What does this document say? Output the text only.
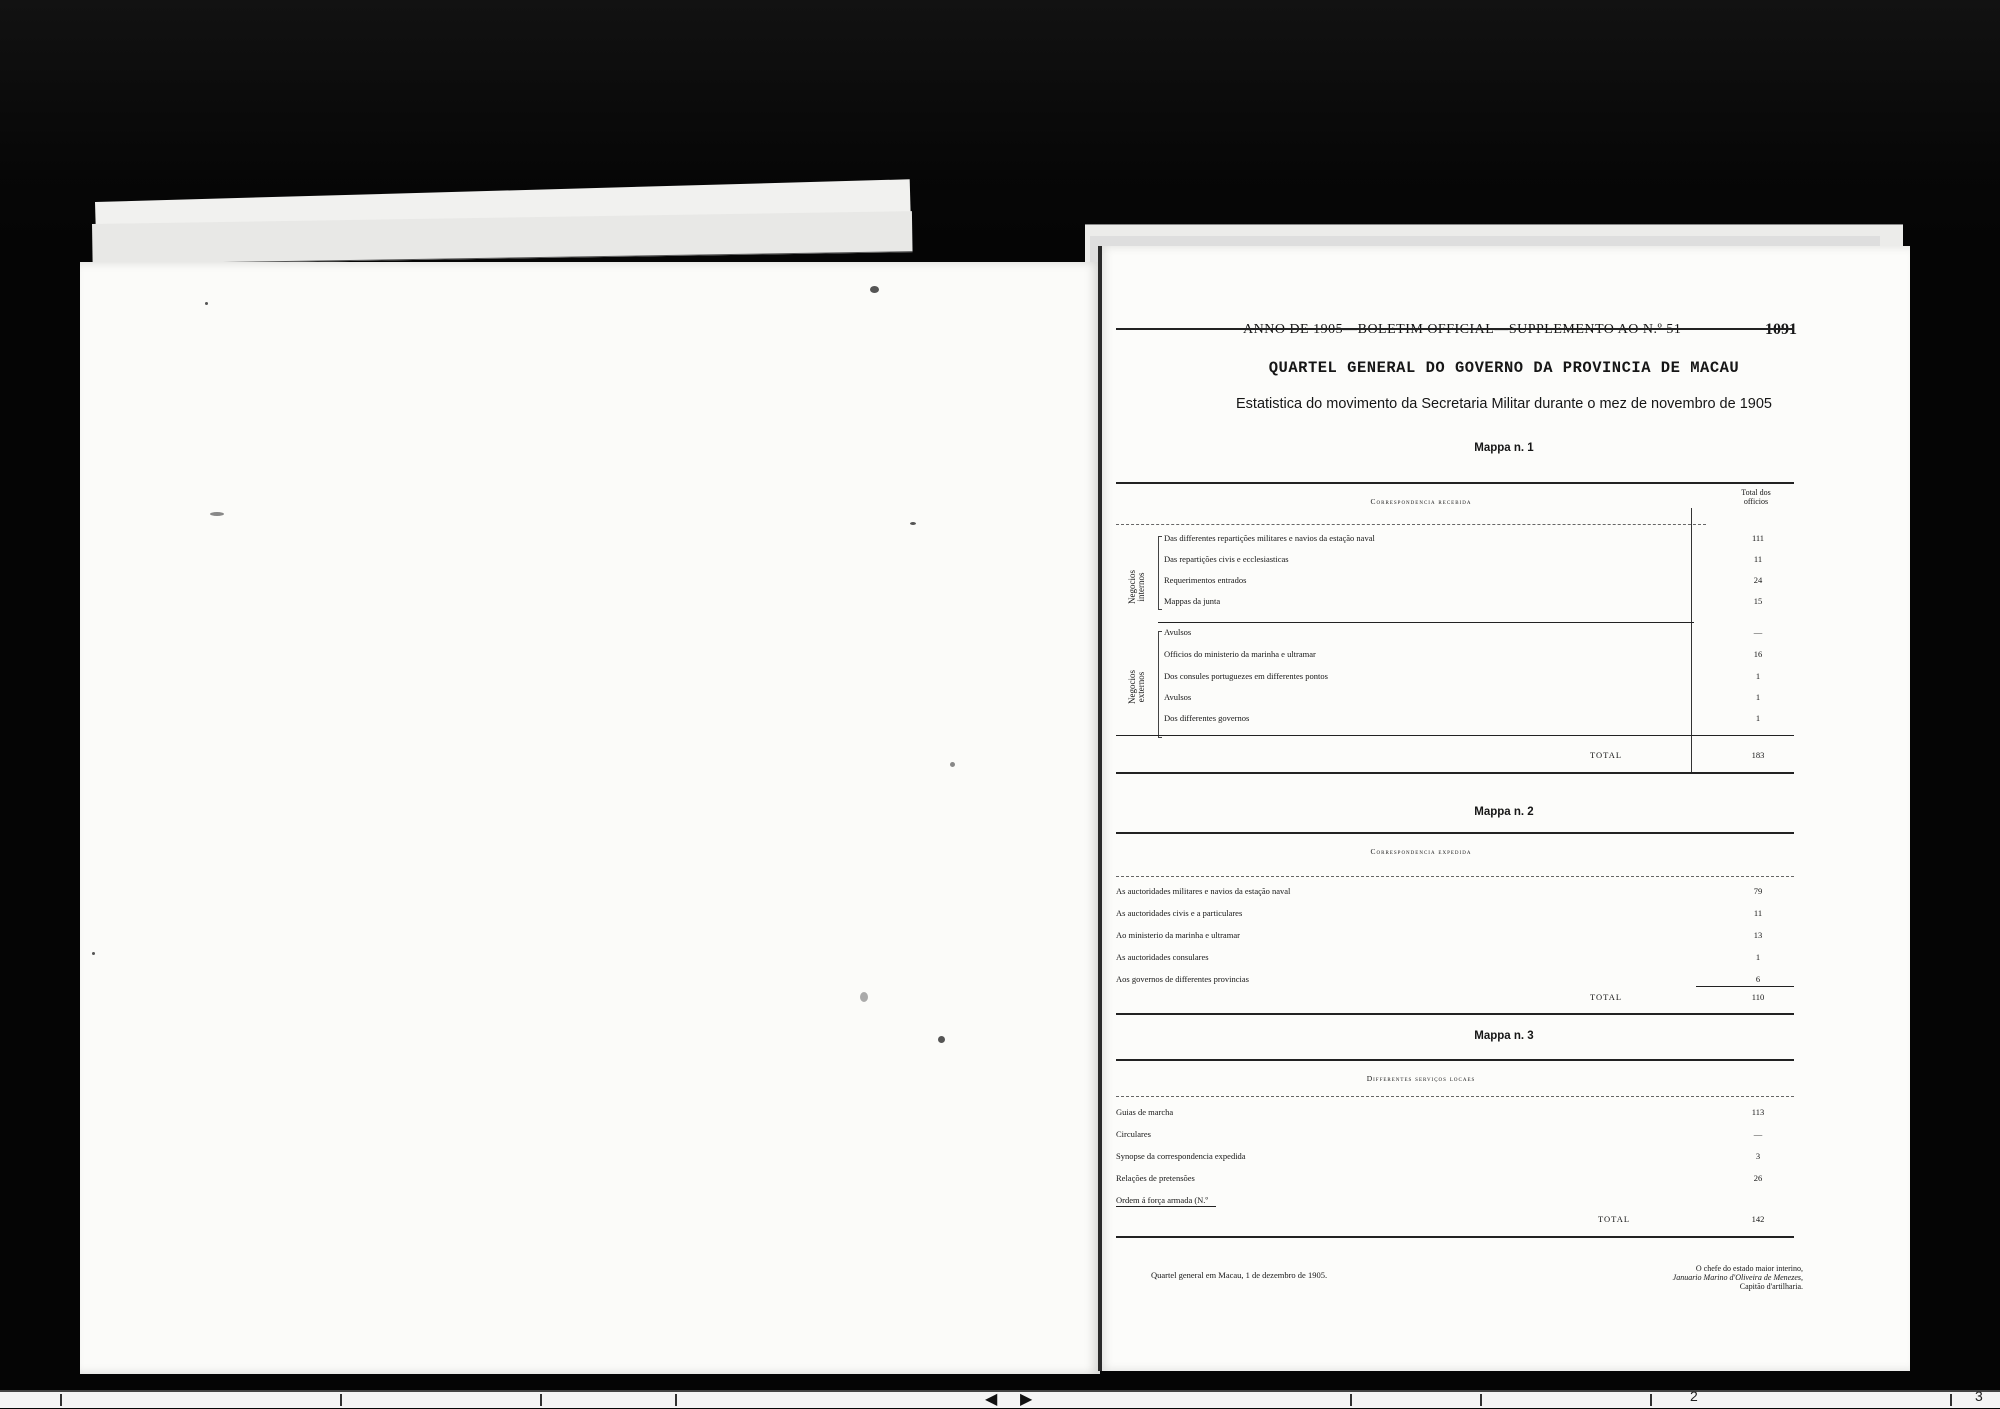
ANNO DE 1905—BOLETIM OFFICIAL—SUPPLEMENTO AO N.º 51	1091
QUARTEL GENERAL DO GOVERNO DA PROVINCIA DE MACAU
Estatistica do movimento da Secretaria Militar durante o mez de novembro de 1905
Mappa n. 1
Correspondencia recebida
Total dos
officios
Negocios internos
Das differentes repartições militares e navios da estação naval	111
Das repartições civis e ecclesiasticas	11
Requerimentos entrados	24
Mappas da junta	15
Negocios externos
Avulsos	—
Officios do ministerio da marinha e ultramar	16
Dos consules portuguezes em differentes pontos	1
Avulsos	1
Dos differentes governos	1
TOTAL	183
Mappa n. 2
Correspondencia expedida
As auctoridades militares e navios da estação naval	79
As auctoridades civis e a particulares	11
Ao ministerio da marinha e ultramar	13
As auctoridades consulares	1
Aos governos de differentes provincias	6
TOTAL	110
Mappa n. 3
Differentes serviços locaes
Guias de marcha	113
Circulares	—
Synopse da correspondencia expedida	3
Relações de pretensões	26
Ordem á força armada (N.º
TOTAL	142
Quartel general em Macau, 1 de dezembro de 1905.
O chefe do estado maior interino,
Januario Marino d'Oliveira de Menezes,
Capitão d'artilharia.
◀ ▶	2	3
